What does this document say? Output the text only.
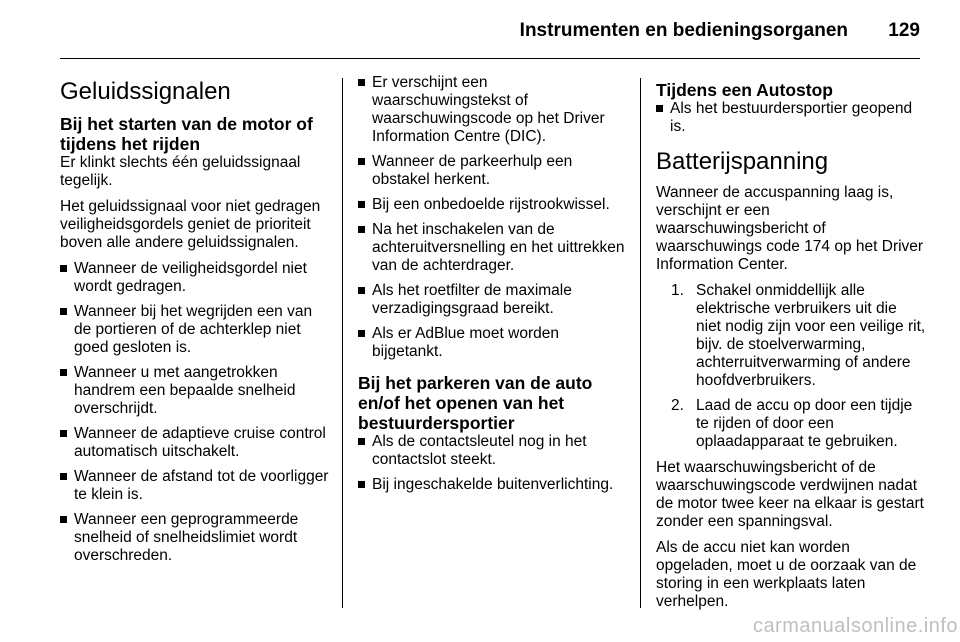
Instrumenten en bedieningsorganen 129
Geluidssignalen
Bij het starten van de motor of tijdens het rijden

Er klinkt slechts één geluidssignaal tegelijk.

Het geluidssignaal voor niet gedragen veiligheidsgordels geniet de prioriteit boven alle andere geluidssignalen.

Wanneer de veiligheidsgordel niet wordt gedragen.
Wanneer bij het wegrijden een van de portieren of de achterklep niet goed gesloten is.
Wanneer u met aangetrokken handrem een bepaalde snelheid overschrijdt.
Wanneer de adaptieve cruise control automatisch uitschakelt.
Wanneer de afstand tot de voorligger te klein is.
Wanneer een geprogrammeerde snelheid of snelheidslimiet wordt overschreden.
Er verschijnt een waarschuwingstekst of waarschuwingscode op het Driver Information Centre (DIC).
Wanneer de parkeerhulp een obstakel herkent.
Bij een onbedoelde rijstrookwissel.
Na het inschakelen van de achteruitversnelling en het uittrekken van de achterdrager.
Als het roetfilter de maximale verzadigingsgraad bereikt.
Als er AdBlue moet worden bijgetankt.
Bij het parkeren van de auto en/of het openen van het bestuurdersportier
Als de contactsleutel nog in het contactslot steekt.
Bij ingeschakelde buitenverlichting.
Tijdens een Autostop
Als het bestuurdersportier geopend is.
Batterijspanning

Wanneer de accuspanning laag is, verschijnt er een waarschuwingsbericht of waarschuwings code 174 op het Driver Information Center.

1. Schakel onmiddellijk alle elektrische verbruikers uit die niet nodig zijn voor een veilige rit, bijv. de stoelverwarming, achterruitverwarming of andere hoofdverbruikers.
2. Laad de accu op door een tijdje te rijden of door een oplaadapparaat te gebruiken.

Het waarschuwingsbericht of de waarschuwingscode verdwijnen nadat de motor twee keer na elkaar is gestart zonder een spanningsval.

Als de accu niet kan worden opgeladen, moet u de oorzaak van de storing in een werkplaats laten verhelpen.

carmanualsonline.info
